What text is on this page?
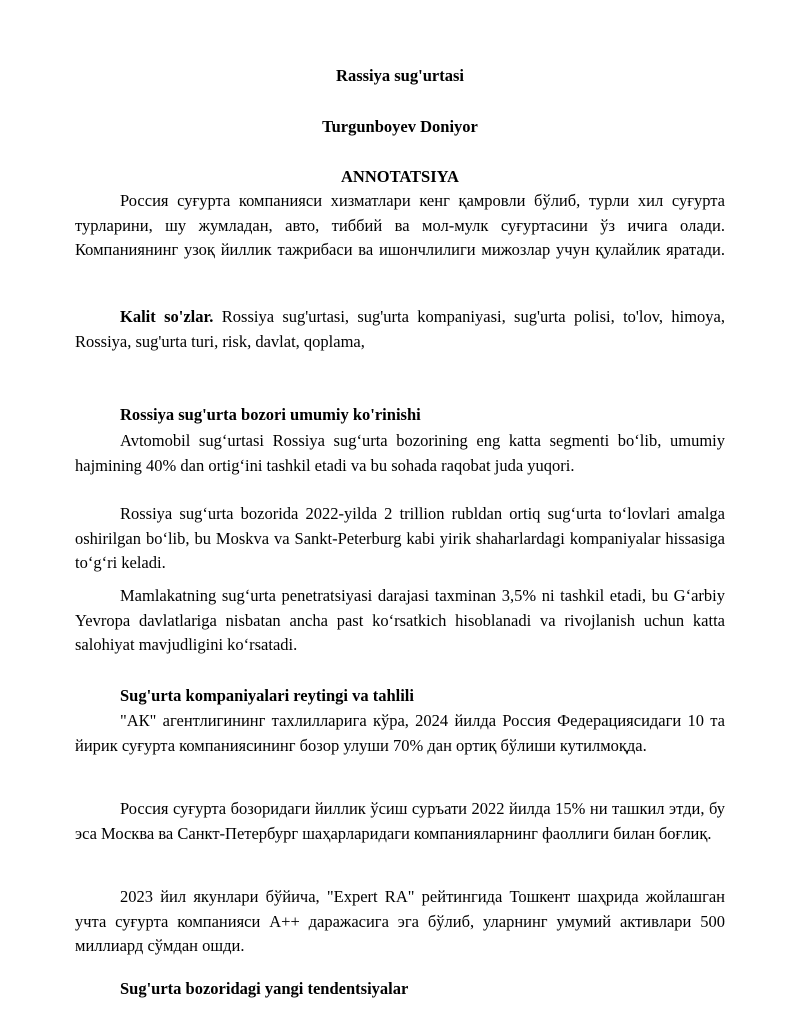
Rassiya sug'urtasi
Turgunboyev Doniyor
ANNOTATSIYA
Россия суғурта компанияси хизматлари кенг қамровли бўлиб, турли хил суғурта турларини, шу жумладан, авто, тиббий ва мол-мулк суғуртасини ўз ичига олади. Компаниянинг узоқ йиллик тажрибаси ва ишончлилиги мижозлар учун қулайлик яратади.
Kalit so'zlar. Rossiya sug'urtasi, sug'urta kompaniyasi, sug'urta polisi, to'lov, himoya, Rossiya, sug'urta turi, risk, davlat, qoplama,
Rossiya sug'urta bozori umumiy ko'rinishi
Avtomobil sugʻurtasi Rossiya sugʻurta bozorining eng katta segmenti boʻlib, umumiy hajmining 40% dan ortigʻini tashkil etadi va bu sohada raqobat juda yuqori.
Rossiya sugʻurta bozorida 2022-yilda 2 trillion rubldan ortiq sugʻurta toʻlovlari amalga oshirilgan boʻlib, bu Moskva va Sankt-Peterburg kabi yirik shaharlardagi kompaniyalar hissasiga toʻgʻri keladi.
Mamlakatning sugʻurta penetratsiyasi darajasi taxminan 3,5% ni tashkil etadi, bu Gʻarbiy Yevropa davlatlariga nisbatan ancha past koʻrsatkich hisoblanadi va rivojlanish uchun katta salohiyat mavjudligini koʻrsatadi.
Sug'urta kompaniyalari reytingi va tahlili
"АК" агентлигининг тахлилларига кўра, 2024 йилда Россия Федерациясидаги 10 та йирик суғурта компаниясининг бозор улуши 70% дан ортиқ бўлиши кутилмоқда.
Россия суғурта бозоридаги йиллик ўсиш суръати 2022 йилда 15% ни ташкил этди, бу эса Москва ва Санкт-Петербург шаҳарларидаги компанияларнинг фаоллиги билан боғлиқ.
2023 йил якунлари бўйича, "Expert RA" рейтингида Тошкент шаҳрида жойлашган учта суғурта компанияси A++ даражасига эга бўлиб, уларнинг умумий активлари 500 миллиард сўмдан ошди.
Sug'urta bozoridagi yangi tendentsiyalar
